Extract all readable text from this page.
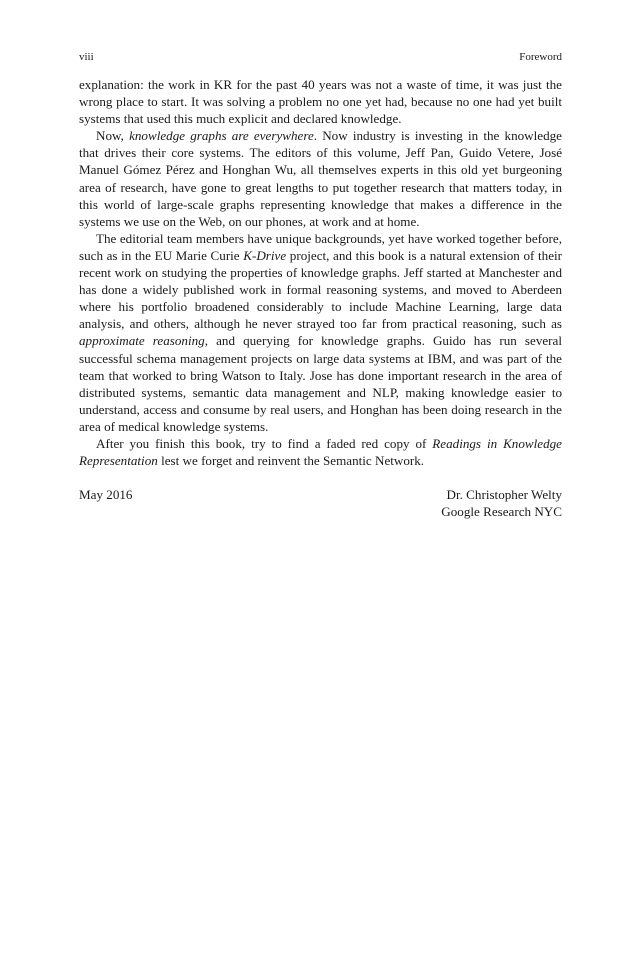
viii	Foreword

explanation: the work in KR for the past 40 years was not a waste of time, it was just the wrong place to start. It was solving a problem no one yet had, because no one had yet built systems that used this much explicit and declared knowledge.

Now, knowledge graphs are everywhere. Now industry is investing in the knowledge that drives their core systems. The editors of this volume, Jeff Pan, Guido Vetere, José Manuel Gómez Pérez and Honghan Wu, all themselves experts in this old yet burgeoning area of research, have gone to great lengths to put together research that matters today, in this world of large-scale graphs representing knowledge that makes a difference in the systems we use on the Web, on our phones, at work and at home.

The editorial team members have unique backgrounds, yet have worked together before, such as in the EU Marie Curie K-Drive project, and this book is a natural extension of their recent work on studying the properties of knowledge graphs. Jeff started at Manchester and has done a widely published work in formal reasoning systems, and moved to Aberdeen where his portfolio broadened considerably to include Machine Learning, large data analysis, and others, although he never strayed too far from practical reasoning, such as approximate reasoning, and querying for knowledge graphs. Guido has run several successful schema management projects on large data systems at IBM, and was part of the team that worked to bring Watson to Italy. Jose has done important research in the area of distributed systems, semantic data management and NLP, making knowledge easier to understand, access and consume by real users, and Honghan has been doing research in the area of medical knowledge systems.

After you finish this book, try to find a faded red copy of Readings in Knowledge Representation lest we forget and reinvent the Semantic Network.

May 2016	Dr. Christopher Welty
Google Research NYC
